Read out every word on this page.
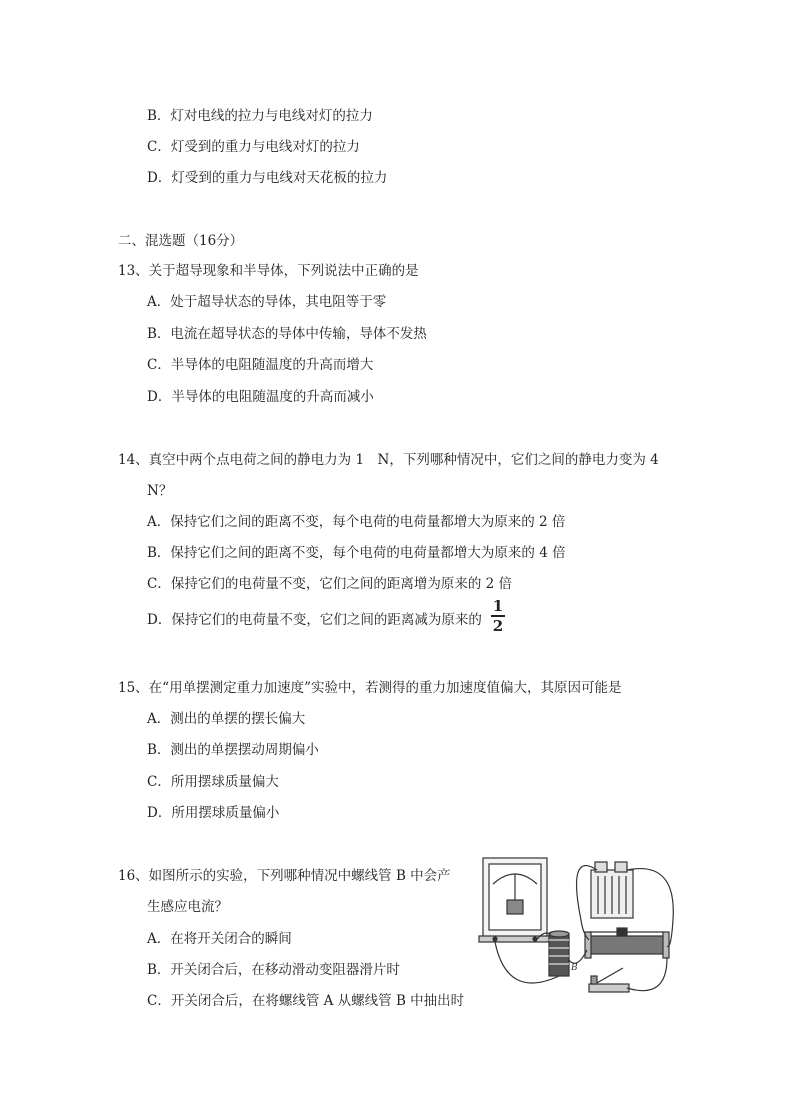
B．灯对电线的拉力与电线对灯的拉力
C．灯受到的重力与电线对灯的拉力
D．灯受到的重力与电线对天花板的拉力
二、混选题（16分）
13、关于超导现象和半导体，下列说法中正确的是
A．处于超导状态的导体，其电阻等于零
B．电流在超导状态的导体中传输，导体不发热
C．半导体的电阻随温度的升高而增大
D．半导体的电阻随温度的升高而减小
14、真空中两个点电荷之间的静电力为 1　N，下列哪种情况中，它们之间的静电力变为 4
N？
A．保持它们之间的距离不变，每个电荷的电荷量都增大为原来的 2 倍
B．保持它们之间的距离不变，每个电荷的电荷量都增大为原来的 4 倍
C．保持它们的电荷量不变，它们之间的距离增为原来的 2 倍
D．保持它们的电荷量不变，它们之间的距离减为原来的
1
2
15、在“用单摆测定重力加速度”实验中，若测得的重力加速度值偏大，其原因可能是
A．测出的单摆的摆长偏大
B．测出的单摆摆动周期偏小
C．所用摆球质量偏大
D．所用摆球质量偏小
16、如图所示的实验，下列哪种情况中螺线管 B 中会产
生感应电流？
A．在将开关闭合的瞬间
B．开关闭合后，在移动滑动变阻器滑片时
C．开关闭合后，在将螺线管 A 从螺线管 B 中抽出时
B
